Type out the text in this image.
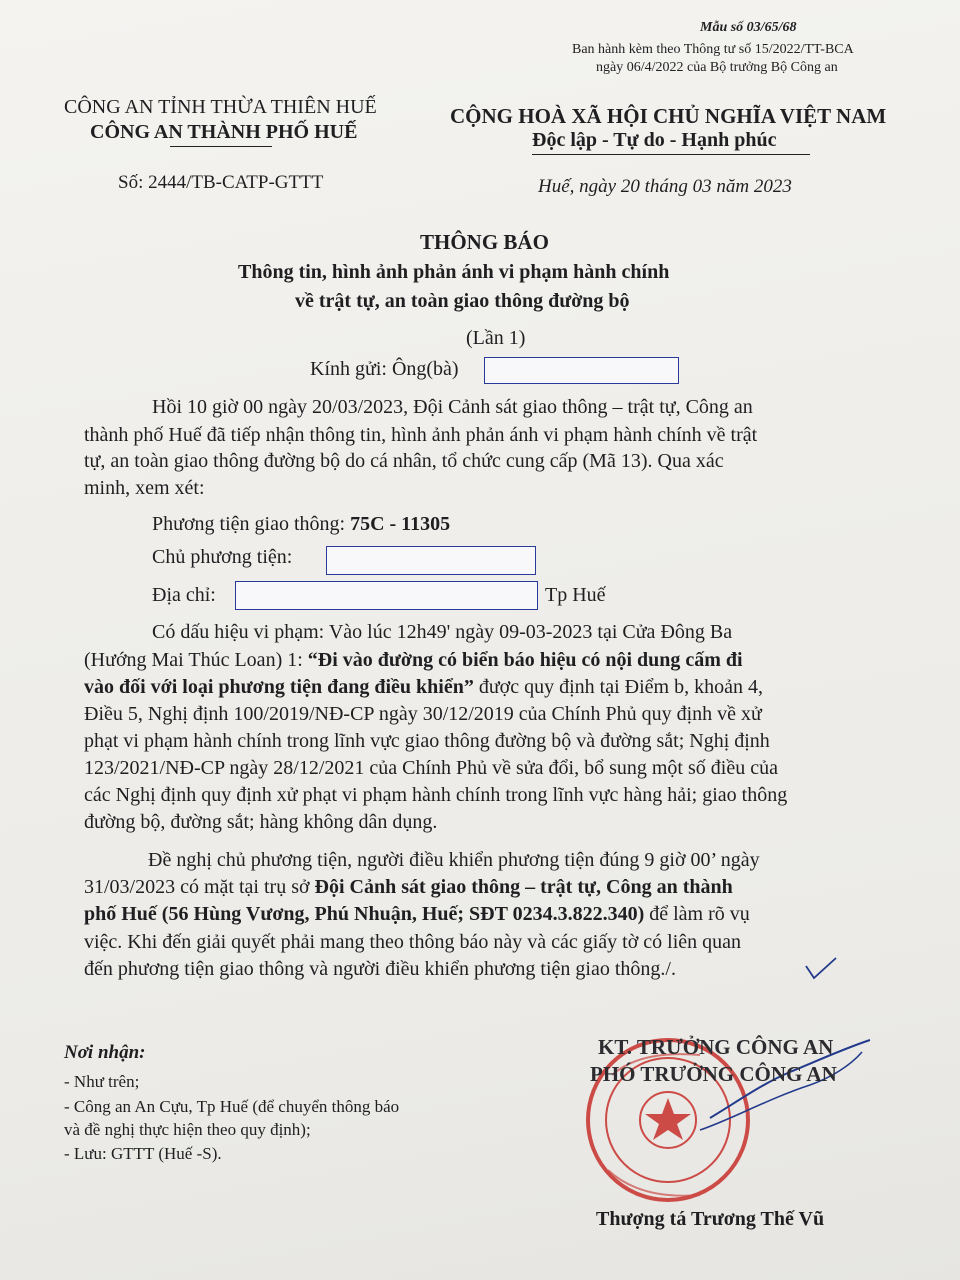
Mẫu số 03/65/68
Ban hành kèm theo Thông tư số 15/2022/TT-BCA
ngày 06/4/2022 của Bộ trưởng Bộ Công an
CÔNG AN TỈNH THỪA THIÊN HUẾ
CÔNG AN THÀNH PHỐ HUẾ
CỘNG HOÀ XÃ HỘI CHỦ NGHĨA VIỆT NAM
Độc lập - Tự do - Hạnh phúc
Số: 2444/TB-CATP-GTTT	Huế, ngày 20 tháng 03 năm 2023
THÔNG BÁO
Thông tin, hình ảnh phản ánh vi phạm hành chính
về trật tự, an toàn giao thông đường bộ
(Lần 1)
Kính gửi: Ông(bà)
Hồi 10 giờ 00 ngày 20/03/2023, Đội Cảnh sát giao thông – trật tự, Công an
thành phố Huế đã tiếp nhận thông tin, hình ảnh phản ánh vi phạm hành chính về trật
tự, an toàn giao thông đường bộ do cá nhân, tổ chức cung cấp (Mã 13). Qua xác
minh, xem xét:
Phương tiện giao thông: 75C - 11305
Chủ phương tiện:
Địa chỉ:	Tp Huế
Có dấu hiệu vi phạm: Vào lúc 12h49' ngày 09-03-2023 tại Cửa Đông Ba
(Hướng Mai Thúc Loan) 1: “Đi vào đường có biển báo hiệu có nội dung cấm đi
vào đối với loại phương tiện đang điều khiển” được quy định tại Điểm b, khoản 4,
Điều 5, Nghị định 100/2019/NĐ-CP ngày 30/12/2019 của Chính Phủ quy định về xử
phạt vi phạm hành chính trong lĩnh vực giao thông đường bộ và đường sắt; Nghị định
123/2021/NĐ-CP ngày 28/12/2021 của Chính Phủ về sửa đổi, bổ sung một số điều của
các Nghị định quy định xử phạt vi phạm hành chính trong lĩnh vực hàng hải; giao thông
đường bộ, đường sắt; hàng không dân dụng.
Đề nghị chủ phương tiện, người điều khiển phương tiện đúng 9 giờ 00’ ngày
31/03/2023 có mặt tại trụ sở Đội Cảnh sát giao thông – trật tự, Công an thành
phố Huế (56 Hùng Vương, Phú Nhuận, Huế; SĐT 0234.3.822.340) để làm rõ vụ
việc. Khi đến giải quyết phải mang theo thông báo này và các giấy tờ có liên quan
đến phương tiện giao thông và người điều khiển phương tiện giao thông./.
Nơi nhận:
- Như trên;
- Công an An Cựu, Tp Huế (để chuyển thông báo
và đề nghị thực hiện theo quy định);
- Lưu: GTTT (Huế -S).
KT. TRƯỞNG CÔNG AN
PHÓ TRƯỞNG CÔNG AN
Thượng tá Trương Thế Vũ
